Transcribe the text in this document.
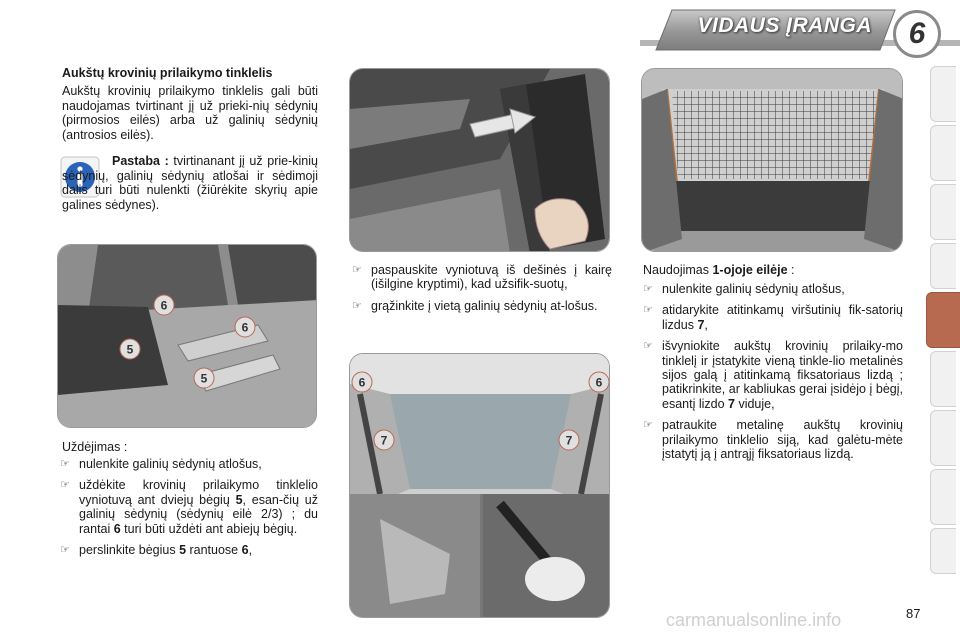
VIDAUS ĮRANGA 6
Aukštų krovinių prilaikymo tinklelis
Aukštų krovinių prilaikymo tinklelis gali būti naudojamas tvirtinant jį už prieki-nių sėdynių (pirmosios eilės) arba už galinių sėdynių (antrosios eilės).
Pastaba : tvirtinanant jį už prie-kinių sėdynių, galinių sėdynių atlošai ir sėdimoji dalis turi būti nulenkti (žiūrėkite skyrių apie galines sėdynes).
6
6
5
5
Uždėjimas :
☞ nulenkite galinių sėdynių atlošus,
☞ uždėkite krovinių prilaikymo tinklelio vyniotuvą ant dviejų bėgių 5, esan-čių už galinių sėdynių (sėdynių eilė 2/3) ; du rantai 6 turi būti uždėti ant abiejų bėgių.
☞ perslinkite bėgius 5 rantuose 6,
☞ paspauskite vyniotuvą iš dešinės į kairę (išilgine kryptimi), kad užsifik-suotų,
☞ grąžinkite į vietą galinių sėdynių at-lošus.
6	6
7	7
Naudojimas 1-ojoje eilėje :
☞ nulenkite galinių sėdynių atlošus,
☞ atidarykite atitinkamų viršutinių fik-satorių lizdus 7,
☞ išvyniokite aukštų krovinių prilaiky-mo tinklelį ir įstatykite vieną tinkle-lio metalinės sijos galą į atitinkamą fiksatoriaus lizdą ; patikrinkite, ar kabliukas gerai įsidėjo į bėgį, esantį lizdo 7 viduje,
☞ patraukite metalinę aukštų krovinių prilaikymo tinklelio siją, kad galėtu-mėte įstatytį ją į antrąjį fiksatoriaus lizdą.
87
carmanualsonline.info
